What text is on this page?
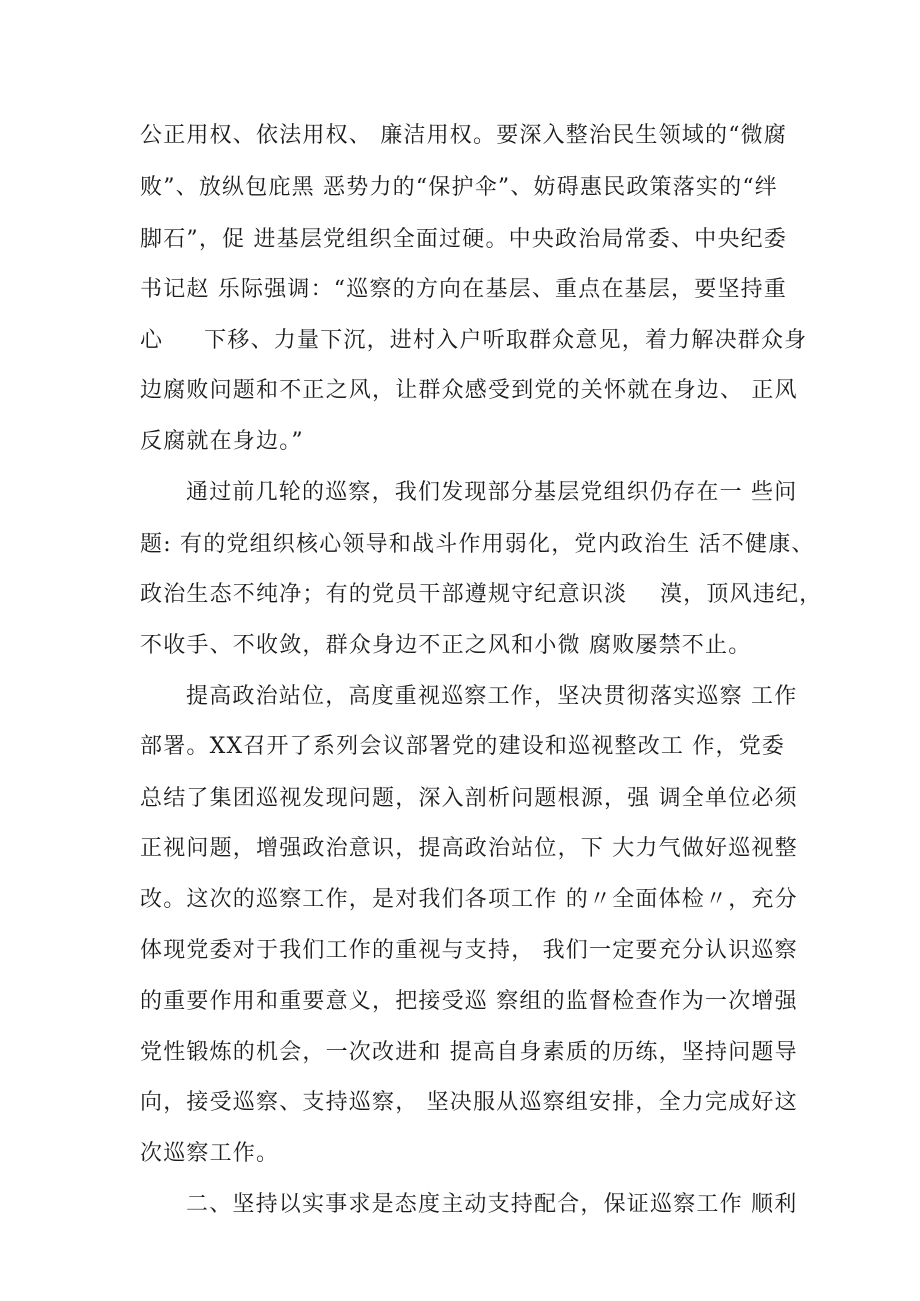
公正用权、依法用权、 廉洁用权。要深入整治民生领域的“微腐
败”、放纵包庇黑 恶势力的“保护伞”、妨碍惠民政策落实的“绊
脚石”，促 进基层党组织全面过硬。中央政治局常委、中央纪委
书记赵 乐际强调：“巡察的方向在基层、重点在基层，要坚持重
心     下移、力量下沉，进村入户听取群众意见，着力解决群众身
边腐败问题和不正之风，让群众感受到党的关怀就在身边、 正风
反腐就在身边。”
通过前几轮的巡察，我们发现部分基层党组织仍存在一 些问
题: 有的党组织核心领导和战斗作用弱化，党内政治生 活不健康、
政治生态不纯净；有的党员干部遵规守纪意识淡    漠，顶风违纪，
不收手、不收敛，群众身边不正之风和小微 腐败屡禁不止。
提高政治站位，高度重视巡察工作，坚决贯彻落实巡察 工作
部署。XX召开了系列会议部署党的建设和巡视整改工 作，党委
总结了集团巡视发现问题，深入剖析问题根源，强 调全单位必须
正视问题，增强政治意识，提高政治站位，下 大力气做好巡视整
改。这次的巡察工作，是对我们各项工作 的〃全面体检〃，充分
体现党委对于我们工作的重视与支持， 我们一定要充分认识巡察
的重要作用和重要意义，把接受巡 察组的监督检查作为一次增强
党性锻炼的机会，一次改进和 提高自身素质的历练，坚持问题导
向，接受巡察、支持巡察， 坚决服从巡察组安排，全力完成好这
次巡察工作。
二、坚持以实事求是态度主动支持配合，保证巡察工作 顺利
